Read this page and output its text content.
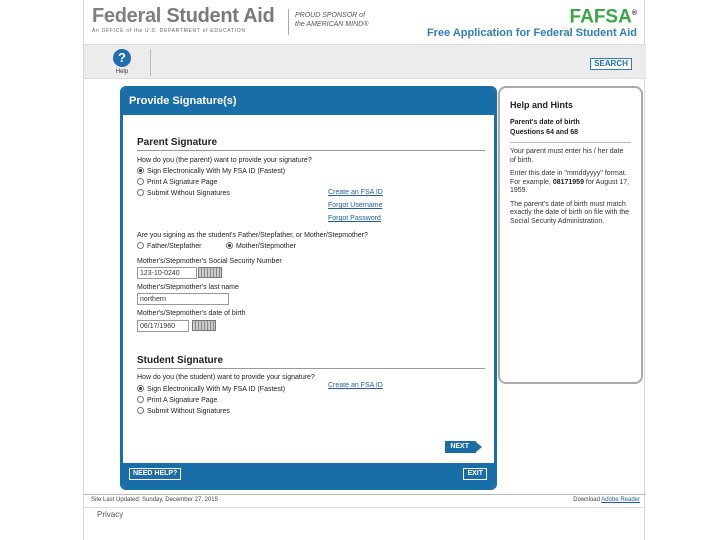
Federal Student Aid
An OFFICE of the U.S. DEPARTMENT of EDUCATION
PROUD SPONSOR of
the AMERICAN MIND®	FAFSA®
Free Application for Federal Student Aid
?
Help
SEARCH
Provide Signature(s)
Parent Signature
How do you (the parent) want to provide your signature?
Sign Electronically With My FSA ID (Fastest)
Print A Signature Page
Submit Without Signatures	Create an FSA ID
Forgot Username
Forgot Password
Are you signing as the student's Father/Stepfather, or Mother/Stepmother?
Father/Stepfather	Mother/Stepmother
Mother's/Stepmother's Social Security Number
123-10-0240
Mother's/Stepmother's last name
northern
Mother's/Stepmother's date of birth
06/17/1960
Student Signature
How do you (the student) want to provide your signature?
Sign Electronically With My FSA ID (Fastest)
Print A Signature Page
Submit Without Signatures
Create an FSA ID
NEXT
NEED HELP?	EXIT
Help and Hints
Parent's date of birth
Questions 64 and 68
Your parent must enter his / her date of birth.
Enter this date in "mmddyyyy" format. For example, 08171959 for August 17, 1959.
The parent's date of birth must match exactly the date of birth on file with the Social Security Administration.
Site Last Updated: Sunday, December 27, 2015	Download Adobe Reader
Privacy
